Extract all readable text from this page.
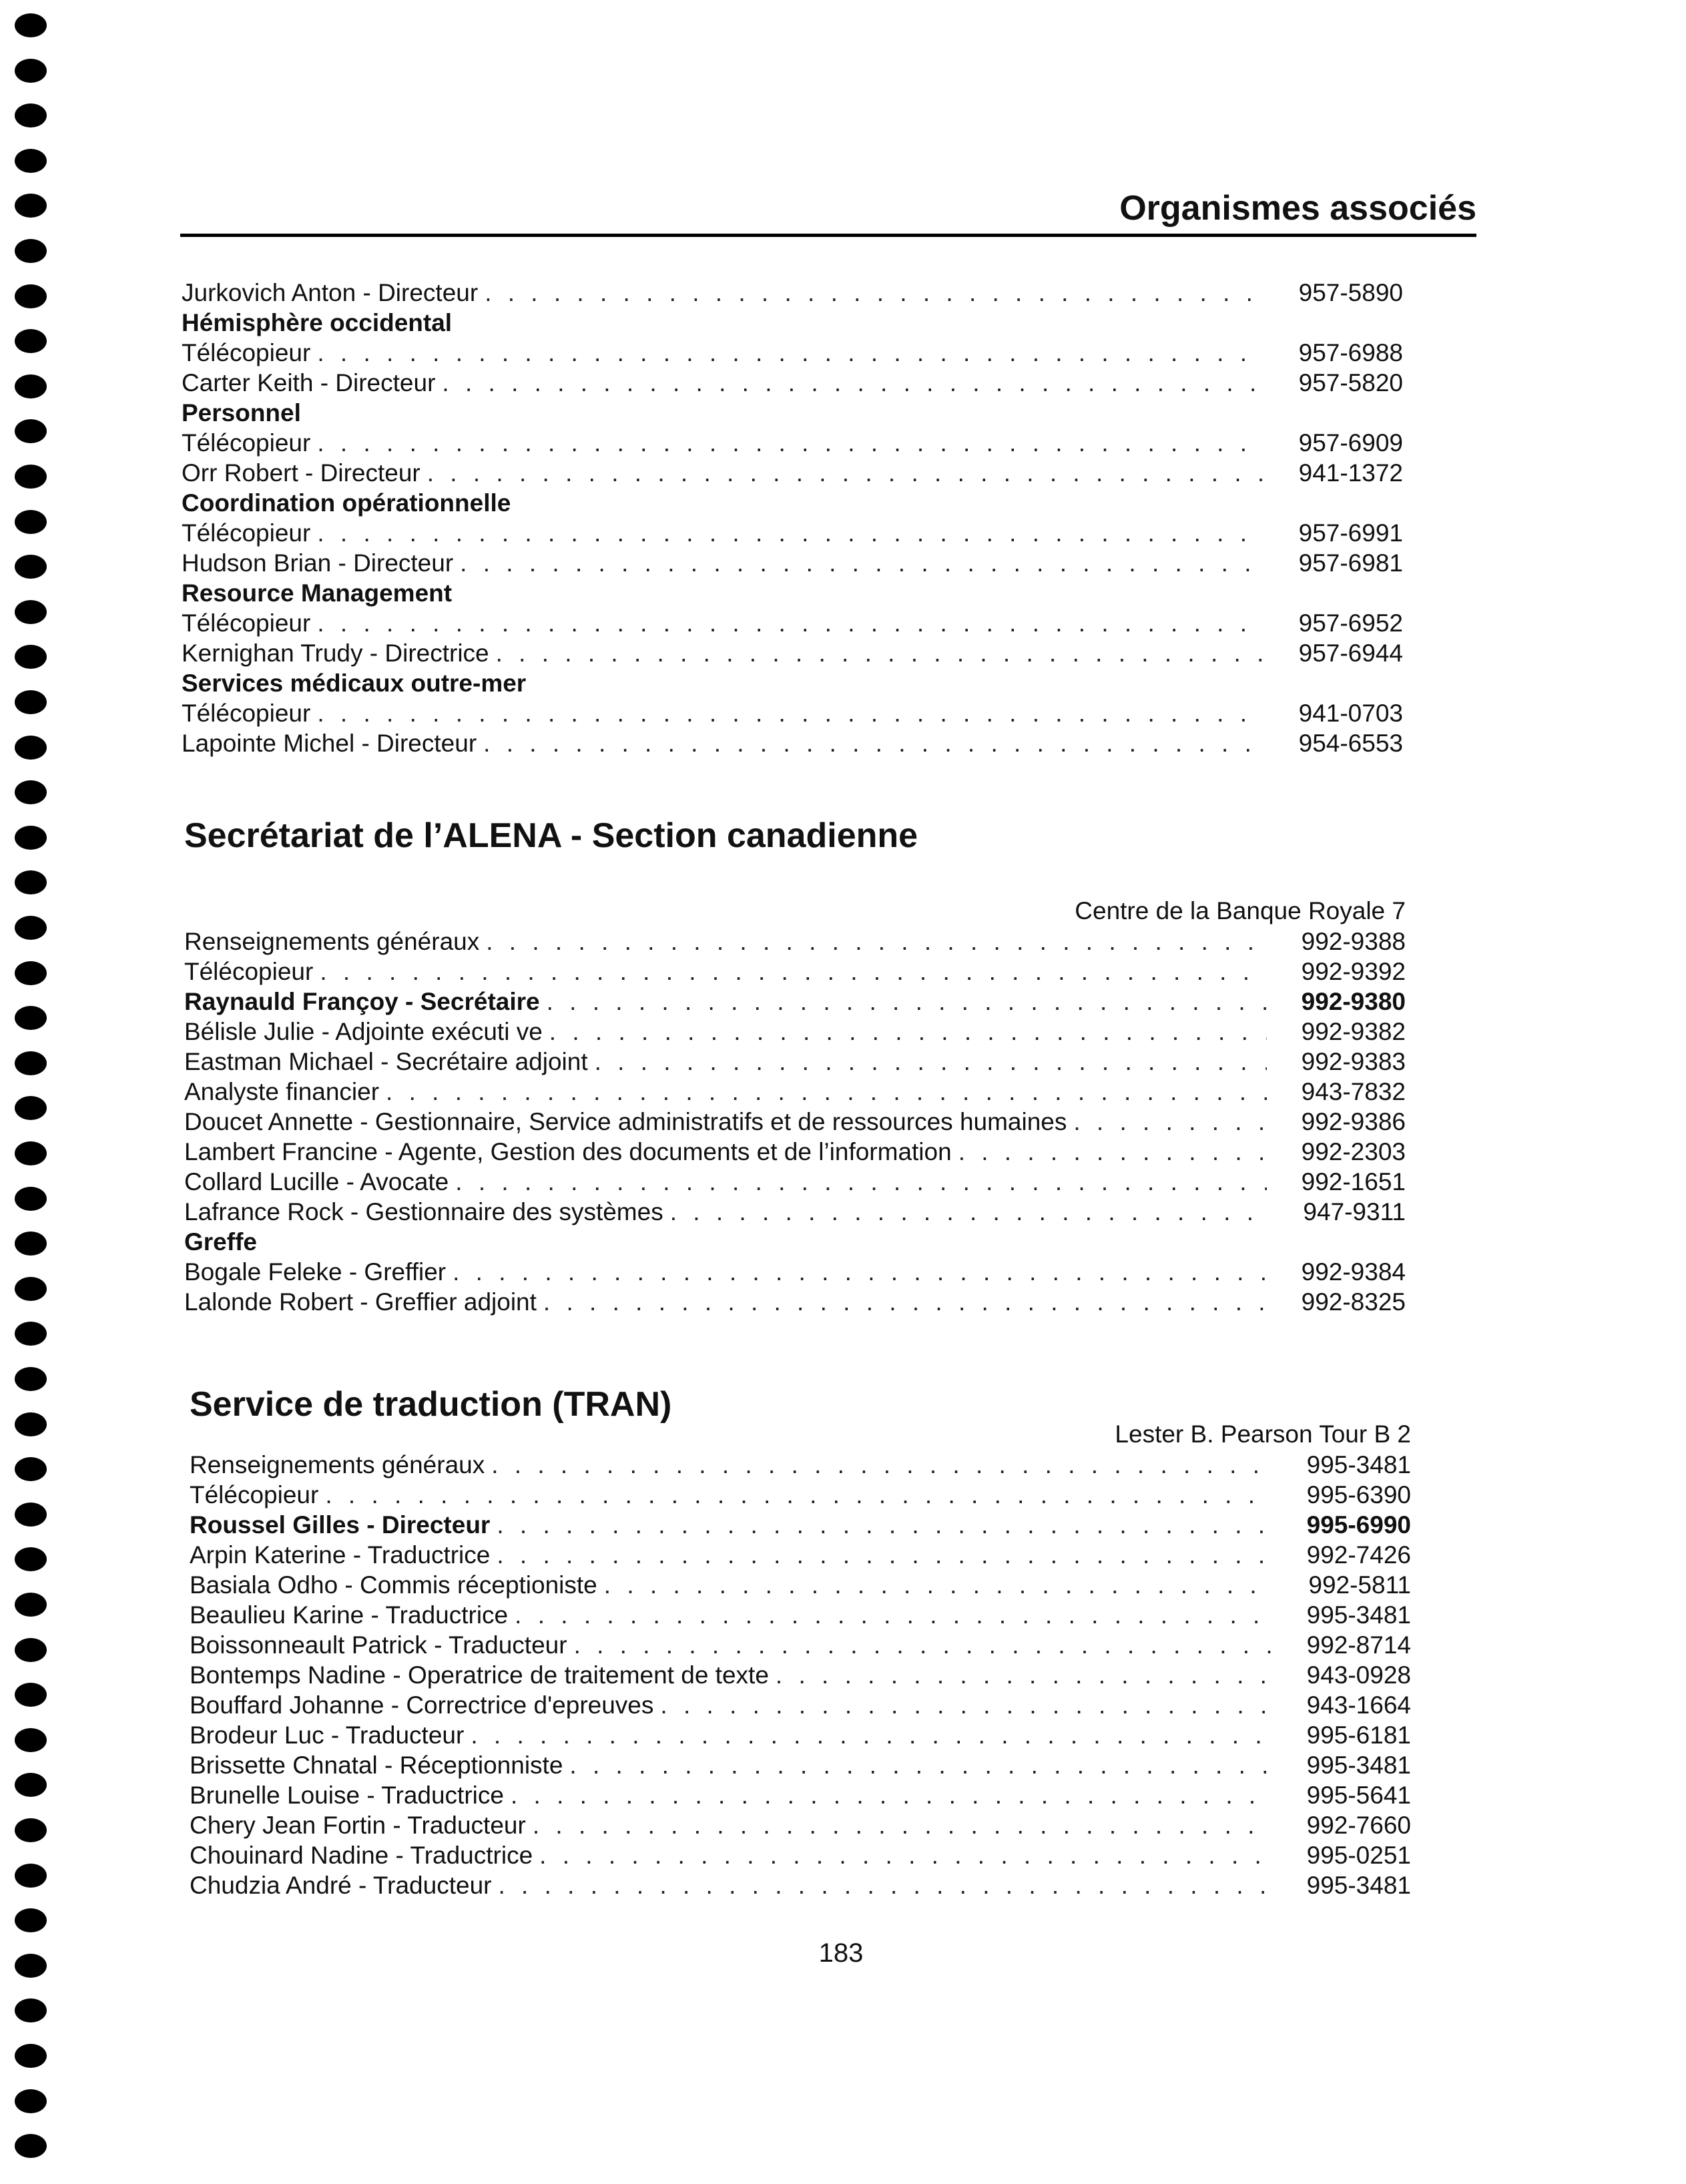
Organismes associés
Jurkovich Anton - Directeur . . .	957-5890
Hémisphère occidental
Télécopieur . . .	957-6988
Carter Keith - Directeur . . .	957-5820
Personnel
Télécopieur . . .	957-6909
Orr Robert - Directeur . . .	941-1372
Coordination opérationnelle
Télécopieur . . .	957-6991
Hudson Brian - Directeur . . .	957-6981
Resource Management
Télécopieur . . .	957-6952
Kernighan Trudy - Directrice . . .	957-6944
Services médicaux outre-mer
Télécopieur . . .	941-0703
Lapointe Michel - Directeur . . .	954-6553
Secrétariat de l’ALENA - Section canadienne
Centre de la Banque Royale 7
Renseignements généraux . . .	992-9388
Télécopieur . . .	992-9392
Raynauld Françoy - Secrétaire . . .	992-9380
Bélisle Julie - Adjointe exécuti ve . . .	992-9382
Eastman Michael - Secrétaire adjoint . . .	992-9383
Analyste financier . . .	943-7832
Doucet Annette - Gestionnaire, Service administratifs et de ressources humaines . . .	992-9386
Lambert Francine - Agente, Gestion des documents et de l’information . . .	992-2303
Collard Lucille - Avocate . . .	992-1651
Lafrance Rock - Gestionnaire des systèmes . . .	947-9311
Greffe
Bogale Feleke - Greffier . . .	992-9384
Lalonde Robert - Greffier adjoint . . .	992-8325
Service de traduction (TRAN)
Lester B. Pearson Tour B 2
Renseignements généraux . . .	995-3481
Télécopieur . . .	995-6390
Roussel Gilles - Directeur . . .	995-6990
Arpin Katerine - Traductrice . . .	992-7426
Basiala Odho - Commis réceptioniste . . .	992-5811
Beaulieu Karine - Traductrice . . .	995-3481
Boissonneault Patrick - Traducteur . . .	992-8714
Bontemps Nadine - Operatrice de traitement de texte . . .	943-0928
Bouffard Johanne - Correctrice d'epreuves . . .	943-1664
Brodeur Luc - Traducteur . . .	995-6181
Brissette Chnatal - Réceptionniste . . .	995-3481
Brunelle Louise - Traductrice . . .	995-5641
Chery Jean Fortin - Traducteur . . .	992-7660
Chouinard Nadine - Traductrice . . .	995-0251
Chudzia André - Traducteur . . .	995-3481
183
